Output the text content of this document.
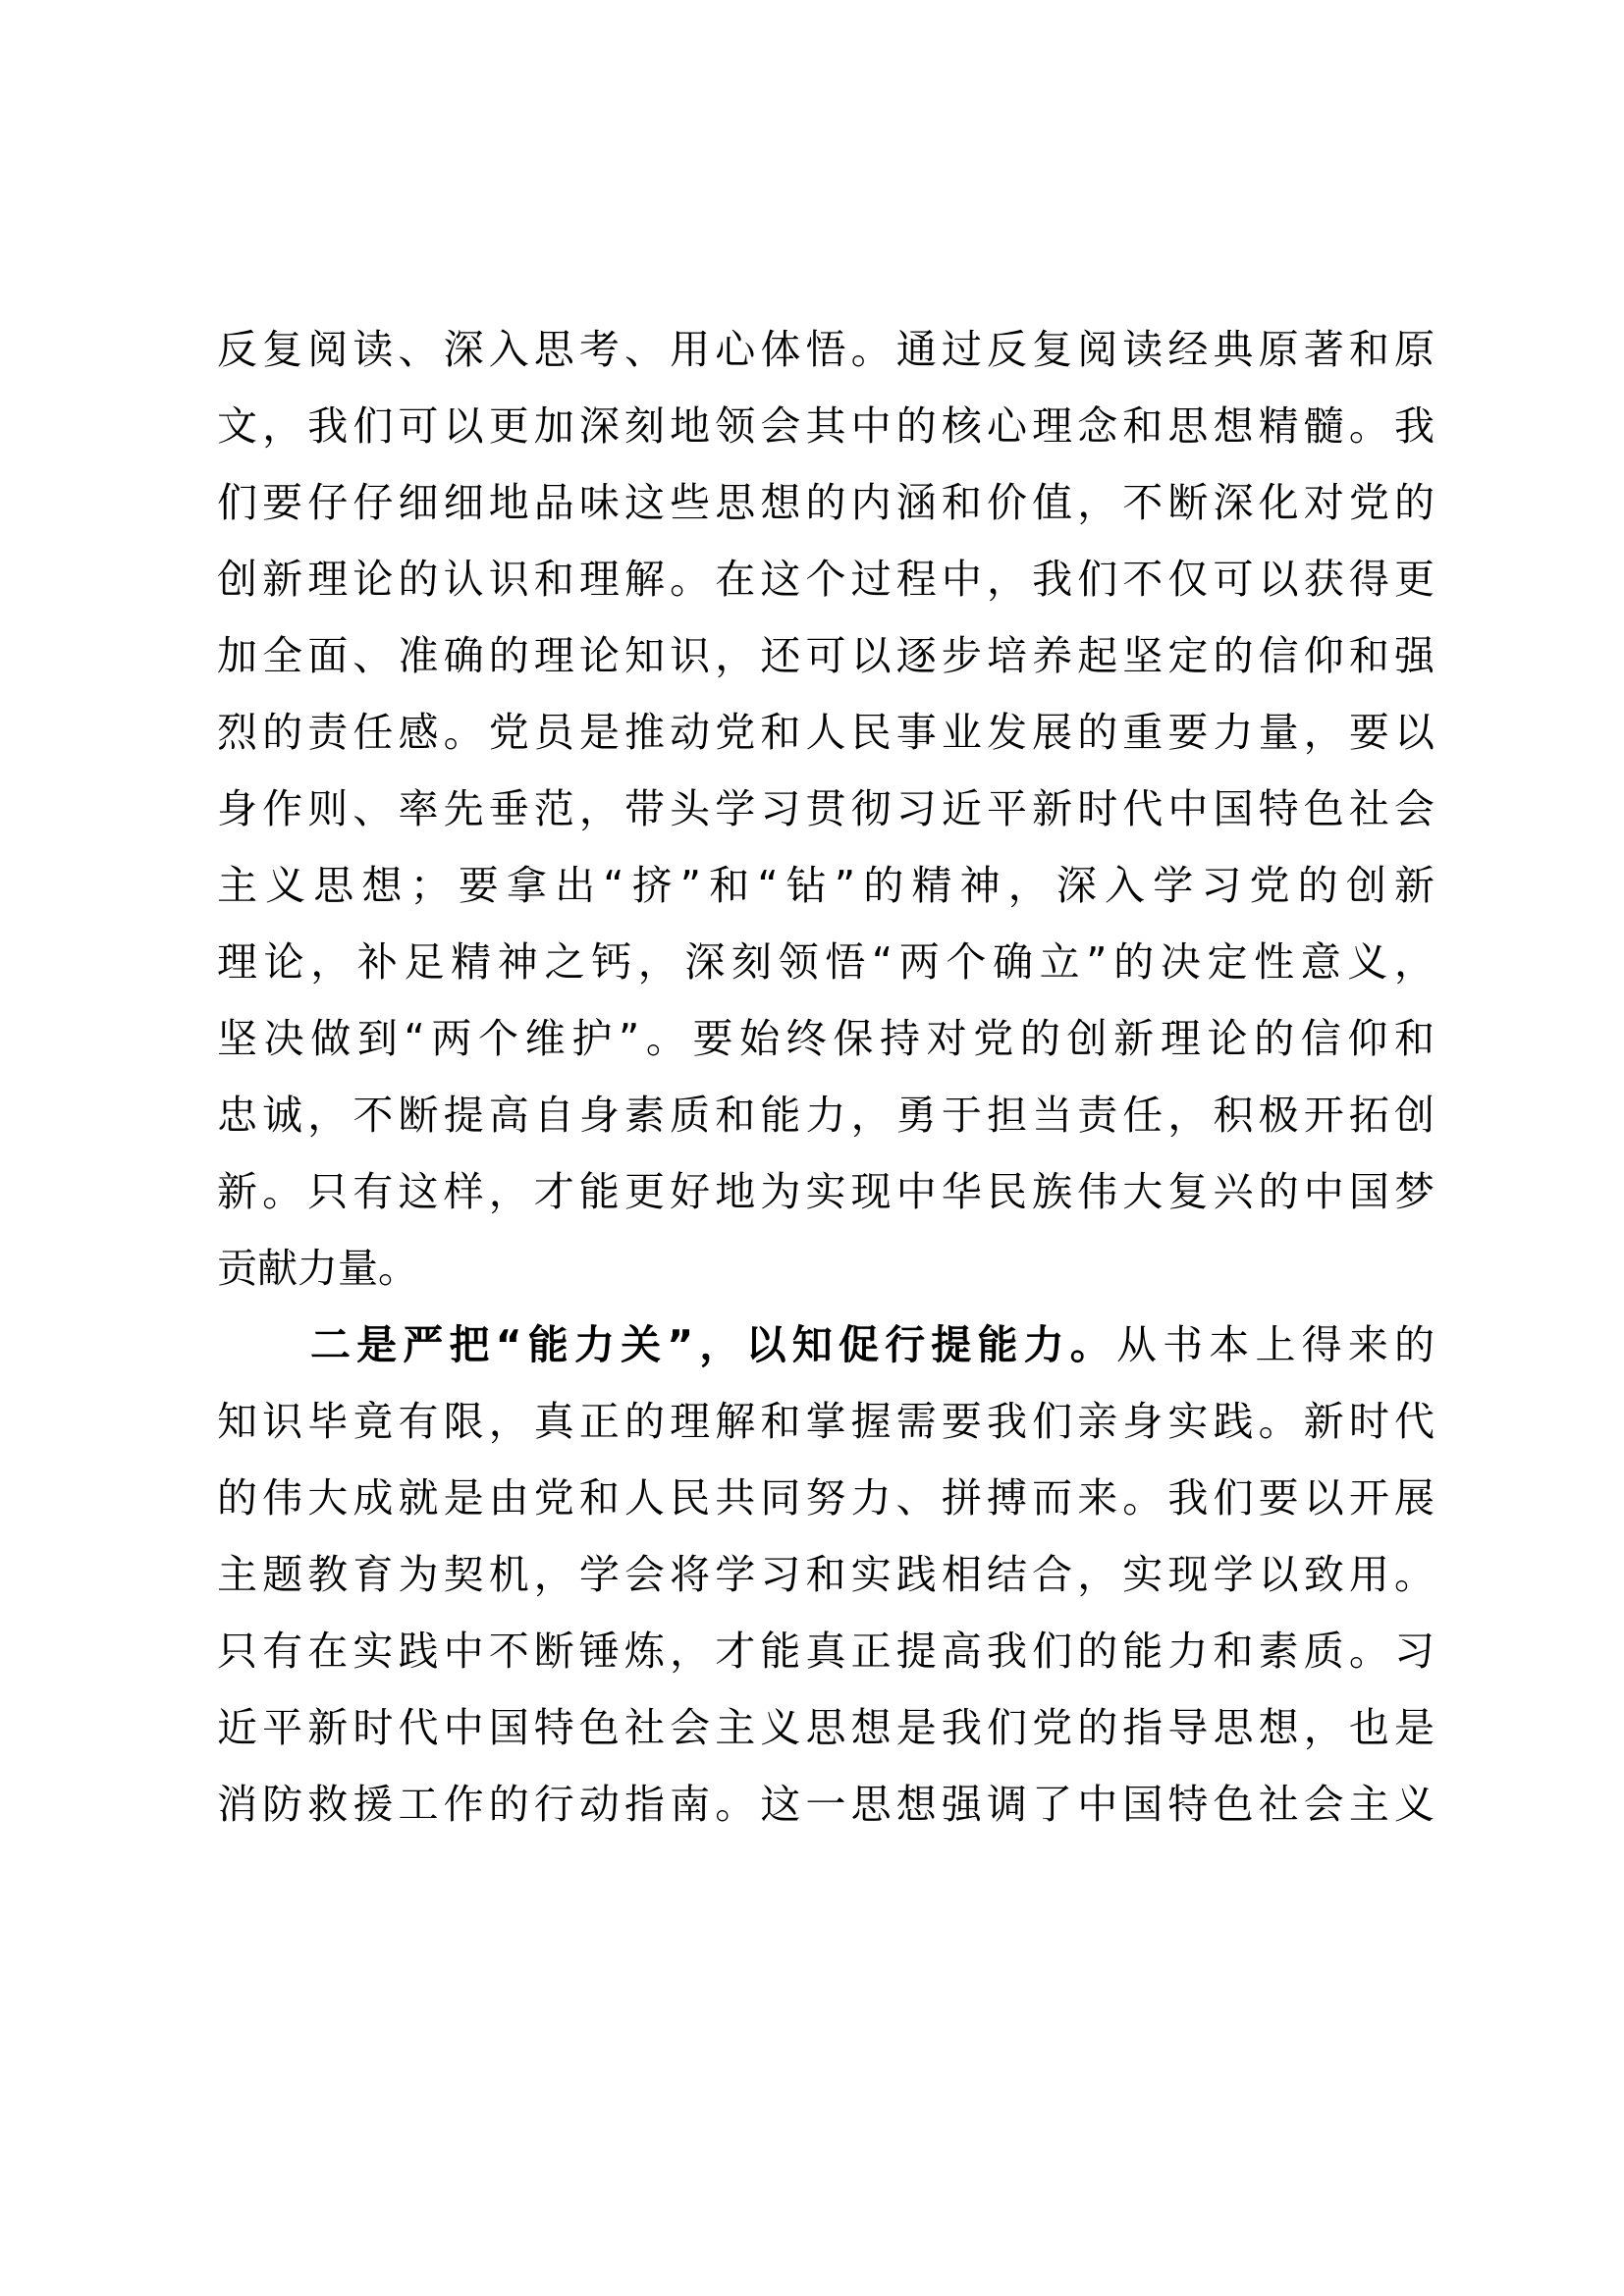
反复阅读、深入思考、用心体悟。通过反复阅读经典原著和原
文，我们可以更加深刻地领会其中的核心理念和思想精髓。我
们要仔仔细细地品味这些思想的内涵和价值，不断深化对党的
创新理论的认识和理解。在这个过程中，我们不仅可以获得更
加全面、准确的理论知识，还可以逐步培养起坚定的信仰和强
烈的责任感。党员是推动党和人民事业发展的重要力量，要以
身作则、率先垂范，带头学习贯彻习近平新时代中国特色社会
主义思想；要拿出“挤”和“钻”的精神，深入学习党的创新
理论，补足精神之钙，深刻领悟“两个确立”的决定性意义，
坚决做到“两个维护”。要始终保持对党的创新理论的信仰和
忠诚，不断提高自身素质和能力，勇于担当责任，积极开拓创
新。只有这样，才能更好地为实现中华民族伟大复兴的中国梦
贡献力量。
二是严把“能力关”，以知促行提能力。从书本上得来的
知识毕竟有限，真正的理解和掌握需要我们亲身实践。新时代
的伟大成就是由党和人民共同努力、拼搏而来。我们要以开展
主题教育为契机，学会将学习和实践相结合，实现学以致用。
只有在实践中不断锤炼，才能真正提高我们的能力和素质。习
近平新时代中国特色社会主义思想是我们党的指导思想，也是
消防救援工作的行动指南。这一思想强调了中国特色社会主义
